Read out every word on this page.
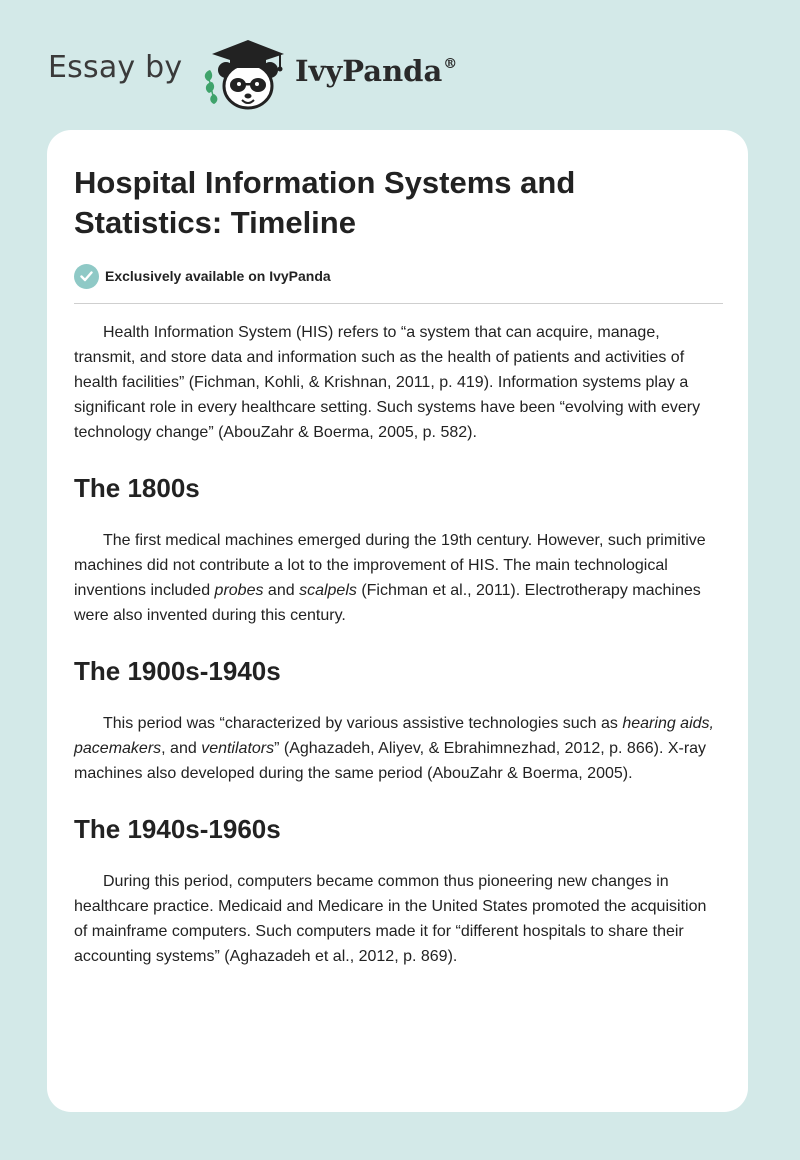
Essay by	IvyPanda®
Hospital Information Systems and Statistics: Timeline
Exclusively available on IvyPanda

Health Information System (HIS) refers to “a system that can acquire, manage, transmit, and store data and information such as the health of patients and activities of health facilities” (Fichman, Kohli, & Krishnan, 2011, p. 419). Information systems play a significant role in every healthcare setting. Such systems have been “evolving with every technology change” (AbouZahr & Boerma, 2005, p. 582).

The 1800s

The first medical machines emerged during the 19th century. However, such primitive machines did not contribute a lot to the improvement of HIS. The main technological inventions included probes and scalpels (Fichman et al., 2011). Electrotherapy machines were also invented during this century.

The 1900s-1940s

This period was “characterized by various assistive technologies such as hearing aids, pacemakers, and ventilators” (Aghazadeh, Aliyev, & Ebrahimnezhad, 2012, p. 866). X-ray machines also developed during the same period (AbouZahr & Boerma, 2005).

The 1940s-1960s

During this period, computers became common thus pioneering new changes in healthcare practice. Medicaid and Medicare in the United States promoted the acquisition of mainframe computers. Such computers made it for “different hospitals to share their accounting systems” (Aghazadeh et al., 2012, p. 869).
